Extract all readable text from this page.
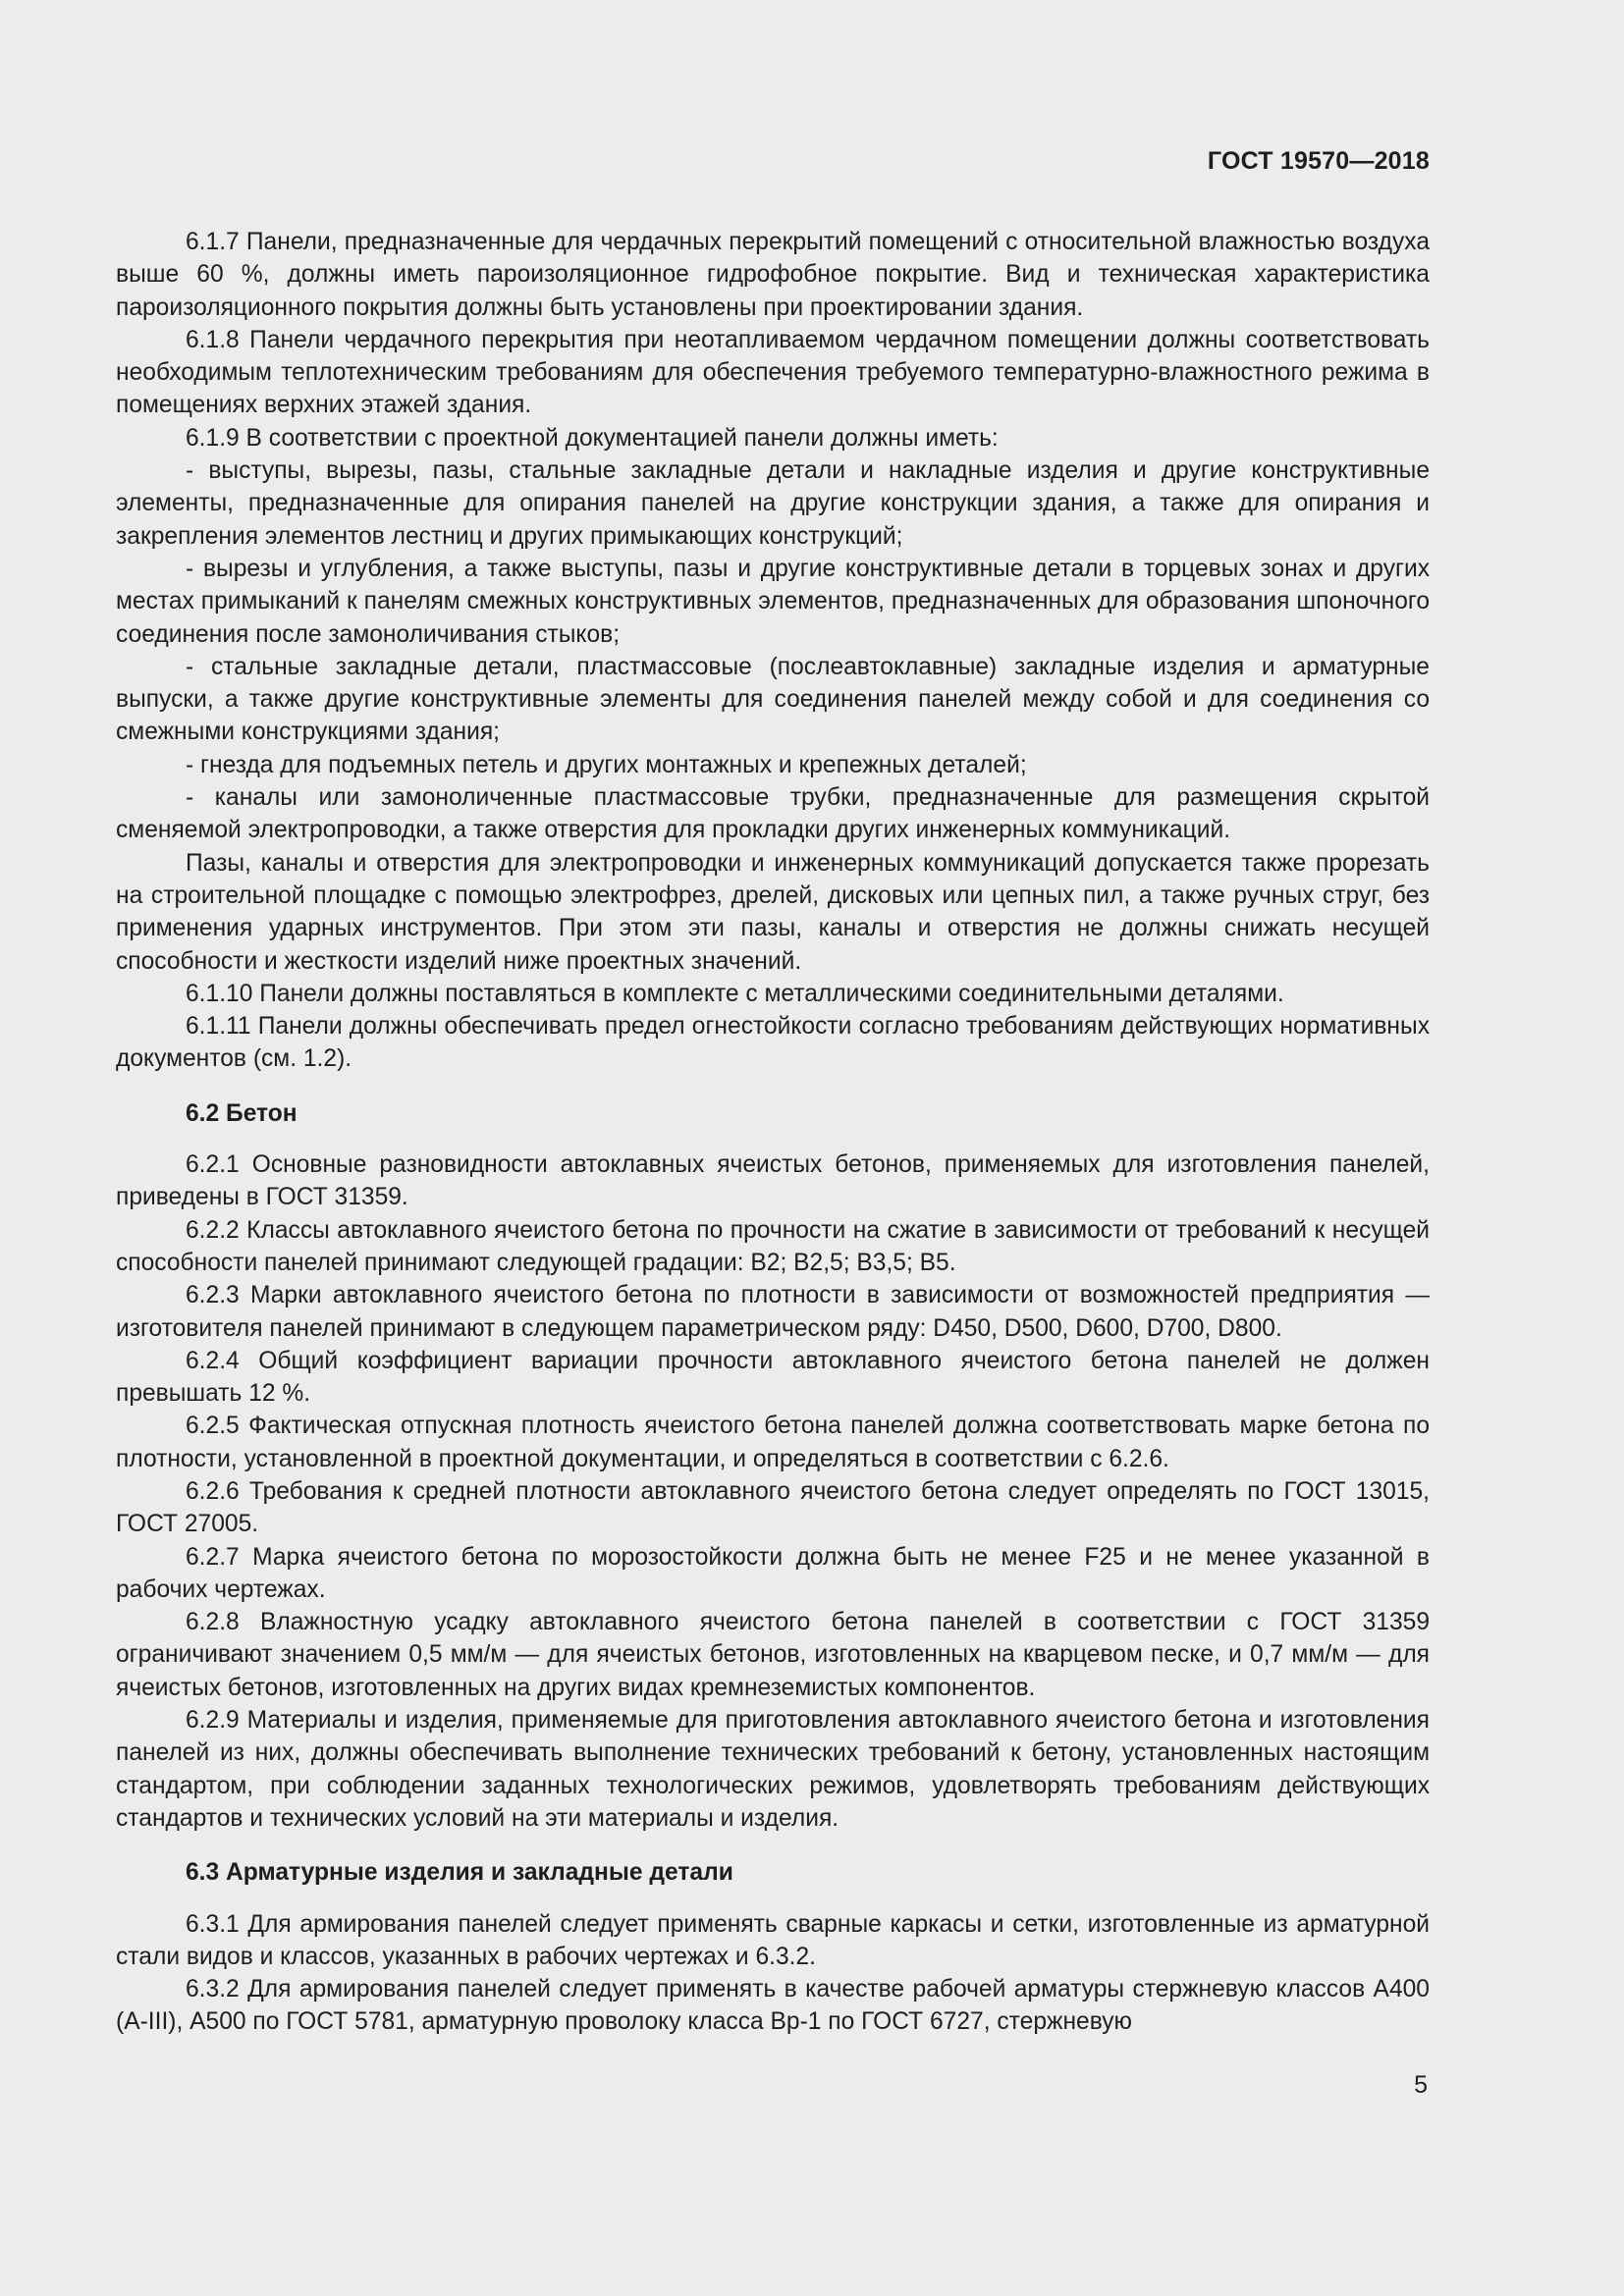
ГОСТ 19570—2018

6.1.7 Панели, предназначенные для чердачных перекрытий помещений с относительной влажностью воздуха выше 60 %, должны иметь пароизоляционное гидрофобное покрытие. Вид и техническая характеристика пароизоляционного покрытия должны быть установлены при проектировании здания.

6.1.8 Панели чердачного перекрытия при неотапливаемом чердачном помещении должны соответствовать необходимым теплотехническим требованиям для обеспечения требуемого температурно-влажностного режима в помещениях верхних этажей здания.

6.1.9 В соответствии с проектной документацией панели должны иметь:

- выступы, вырезы, пазы, стальные закладные детали и накладные изделия и другие конструктивные элементы, предназначенные для опирания панелей на другие конструкции здания, а также для опирания и закрепления элементов лестниц и других примыкающих конструкций;

- вырезы и углубления, а также выступы, пазы и другие конструктивные детали в торцевых зонах и других местах примыканий к панелям смежных конструктивных элементов, предназначенных для образования шпоночного соединения после замоноличивания стыков;

- стальные закладные детали, пластмассовые (послеавтоклавные) закладные изделия и арматурные выпуски, а также другие конструктивные элементы для соединения панелей между собой и для соединения со смежными конструкциями здания;

- гнезда для подъемных петель и других монтажных и крепежных деталей;

- каналы или замоноличенные пластмассовые трубки, предназначенные для размещения скрытой сменяемой электропроводки, а также отверстия для прокладки других инженерных коммуникаций.

Пазы, каналы и отверстия для электропроводки и инженерных коммуникаций допускается также прорезать на строительной площадке с помощью электрофрез, дрелей, дисковых или цепных пил, а также ручных струг, без применения ударных инструментов. При этом эти пазы, каналы и отверстия не должны снижать несущей способности и жесткости изделий ниже проектных значений.

6.1.10 Панели должны поставляться в комплекте с металлическими соединительными деталями.

6.1.11 Панели должны обеспечивать предел огнестойкости согласно требованиям действующих нормативных документов (см. 1.2).

6.2 Бетон

6.2.1 Основные разновидности автоклавных ячеистых бетонов, применяемых для изготовления панелей, приведены в ГОСТ 31359.

6.2.2 Классы автоклавного ячеистого бетона по прочности на сжатие в зависимости от требований к несущей способности панелей принимают следующей градации: B2; B2,5; B3,5; B5.

6.2.3 Марки автоклавного ячеистого бетона по плотности в зависимости от возможностей предприятия — изготовителя панелей принимают в следующем параметрическом ряду: D450, D500, D600, D700, D800.

6.2.4 Общий коэффициент вариации прочности автоклавного ячеистого бетона панелей не должен превышать 12 %.

6.2.5 Фактическая отпускная плотность ячеистого бетона панелей должна соответствовать марке бетона по плотности, установленной в проектной документации, и определяться в соответствии с 6.2.6.

6.2.6 Требования к средней плотности автоклавного ячеистого бетона следует определять по ГОСТ 13015, ГОСТ 27005.

6.2.7 Марка ячеистого бетона по морозостойкости должна быть не менее F25 и не менее указанной в рабочих чертежах.

6.2.8 Влажностную усадку автоклавного ячеистого бетона панелей в соответствии с ГОСТ 31359 ограничивают значением 0,5 мм/м — для ячеистых бетонов, изготовленных на кварцевом песке, и 0,7 мм/м — для ячеистых бетонов, изготовленных на других видах кремнеземистых компонентов.

6.2.9 Материалы и изделия, применяемые для приготовления автоклавного ячеистого бетона и изготовления панелей из них, должны обеспечивать выполнение технических требований к бетону, установленных настоящим стандартом, при соблюдении заданных технологических режимов, удовлетворять требованиям действующих стандартов и технических условий на эти материалы и изделия.

6.3 Арматурные изделия и закладные детали

6.3.1 Для армирования панелей следует применять сварные каркасы и сетки, изготовленные из арматурной стали видов и классов, указанных в рабочих чертежах и 6.3.2.

6.3.2 Для армирования панелей следует применять в качестве рабочей арматуры стержневую классов А400 (А-III), А500 по ГОСТ 5781, арматурную проволоку класса Вр-1 по ГОСТ 6727, стержневую

5
